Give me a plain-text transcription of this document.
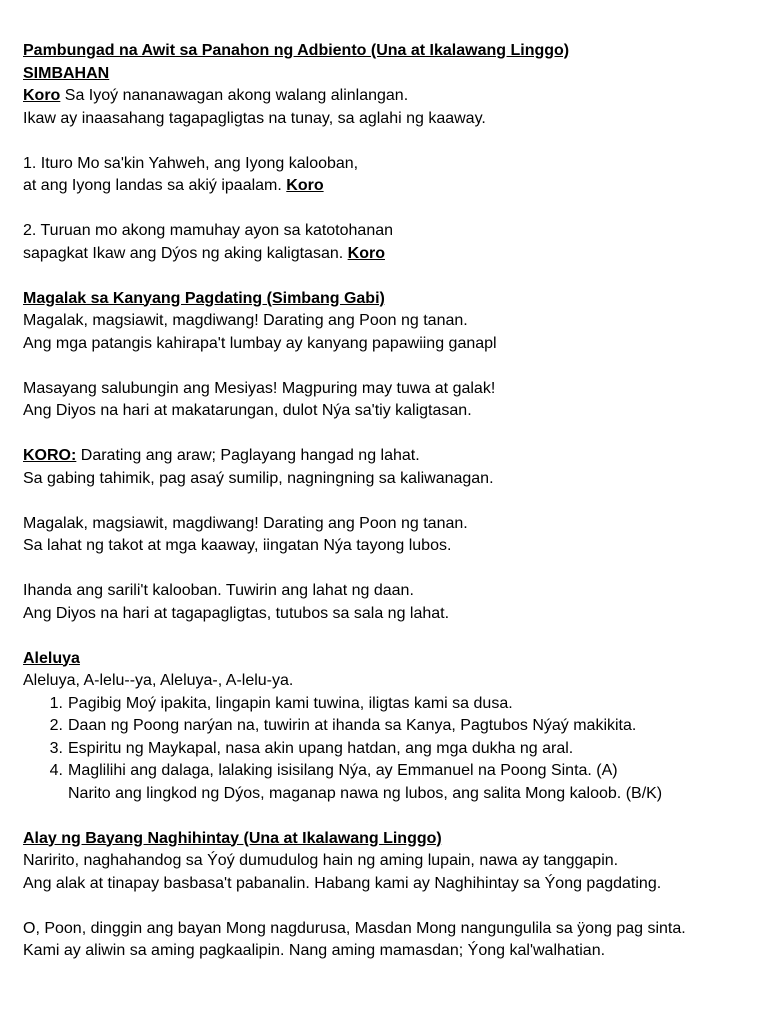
Pambungad na Awit sa Panahon ng Adbiento (Una at Ikalawang Linggo)
SIMBAHAN
Koro Sa Iyoý nananawagan akong walang alinlangan.
Ikaw ay inaasahang tagapagligtas na tunay, sa aglahi ng kaaway.
1. Ituro Mo sa'kin Yahweh, ang Iyong kalooban,
at ang Iyong landas sa akiý ipaalam. Koro
2. Turuan mo akong mamuhay ayon sa katotohanan
sapagkat Ikaw ang Dýos ng aking kaligtasan. Koro
Magalak sa Kanyang Pagdating (Simbang Gabi)
Magalak, magsiawit, magdiwang! Darating ang Poon ng tanan.
Ang mga patangis kahirapa't lumbay ay kanyang papawiing ganapl
Masayang salubungin ang Mesiyas! Magpuring may tuwa at galak!
Ang Diyos na hari at makatarungan, dulot Nýa sa'tiy kaligtasan.
KORO: Darating ang araw; Paglayang hangad ng lahat.
Sa gabing tahimik, pag asaý sumilip, nagningning sa kaliwanagan.
Magalak, magsiawit, magdiwang! Darating ang Poon ng tanan.
Sa lahat ng takot at mga kaaway, iingatan Nýa tayong lubos.
Ihanda ang sarili't kalooban. Tuwirin ang lahat ng daan.
Ang Diyos na hari at tagapagligtas, tutubos sa sala ng lahat.
Aleluya
Aleluya, A-lelu--ya, Aleluya-, A-lelu-ya.
1. Pagibig Moý ipakita, lingapin kami tuwina, iligtas kami sa dusa.
2. Daan ng Poong narýan na, tuwirin at ihanda sa Kanya, Pagtubos Nýaý makikita.
3. Espiritu ng Maykapal, nasa akin upang hatdan, ang mga dukha ng aral.
4. Maglilihi ang dalaga, lalaking isisilang Nýa, ay Emmanuel na Poong Sinta. (A)
Narito ang lingkod ng Dýos, maganap nawa ng lubos, ang salita Mong kaloob. (B/K)
Alay ng Bayang Naghihintay (Una at Ikalawang Linggo)
Naririto, naghahandog sa Ýoý dumudulog hain ng aming lupain, nawa ay tanggapin.
Ang alak at tinapay basbasa't pabanalin. Habang kami ay Naghihintay sa Ýong pagdating.
O, Poon, dinggin ang bayan Mong nagdurusa, Masdan Mong nangungulila sa ÿong pag sinta.
Kami ay aliwin sa aming pagkaalipin. Nang aming mamasdan; Ýong kal'walhatian.
